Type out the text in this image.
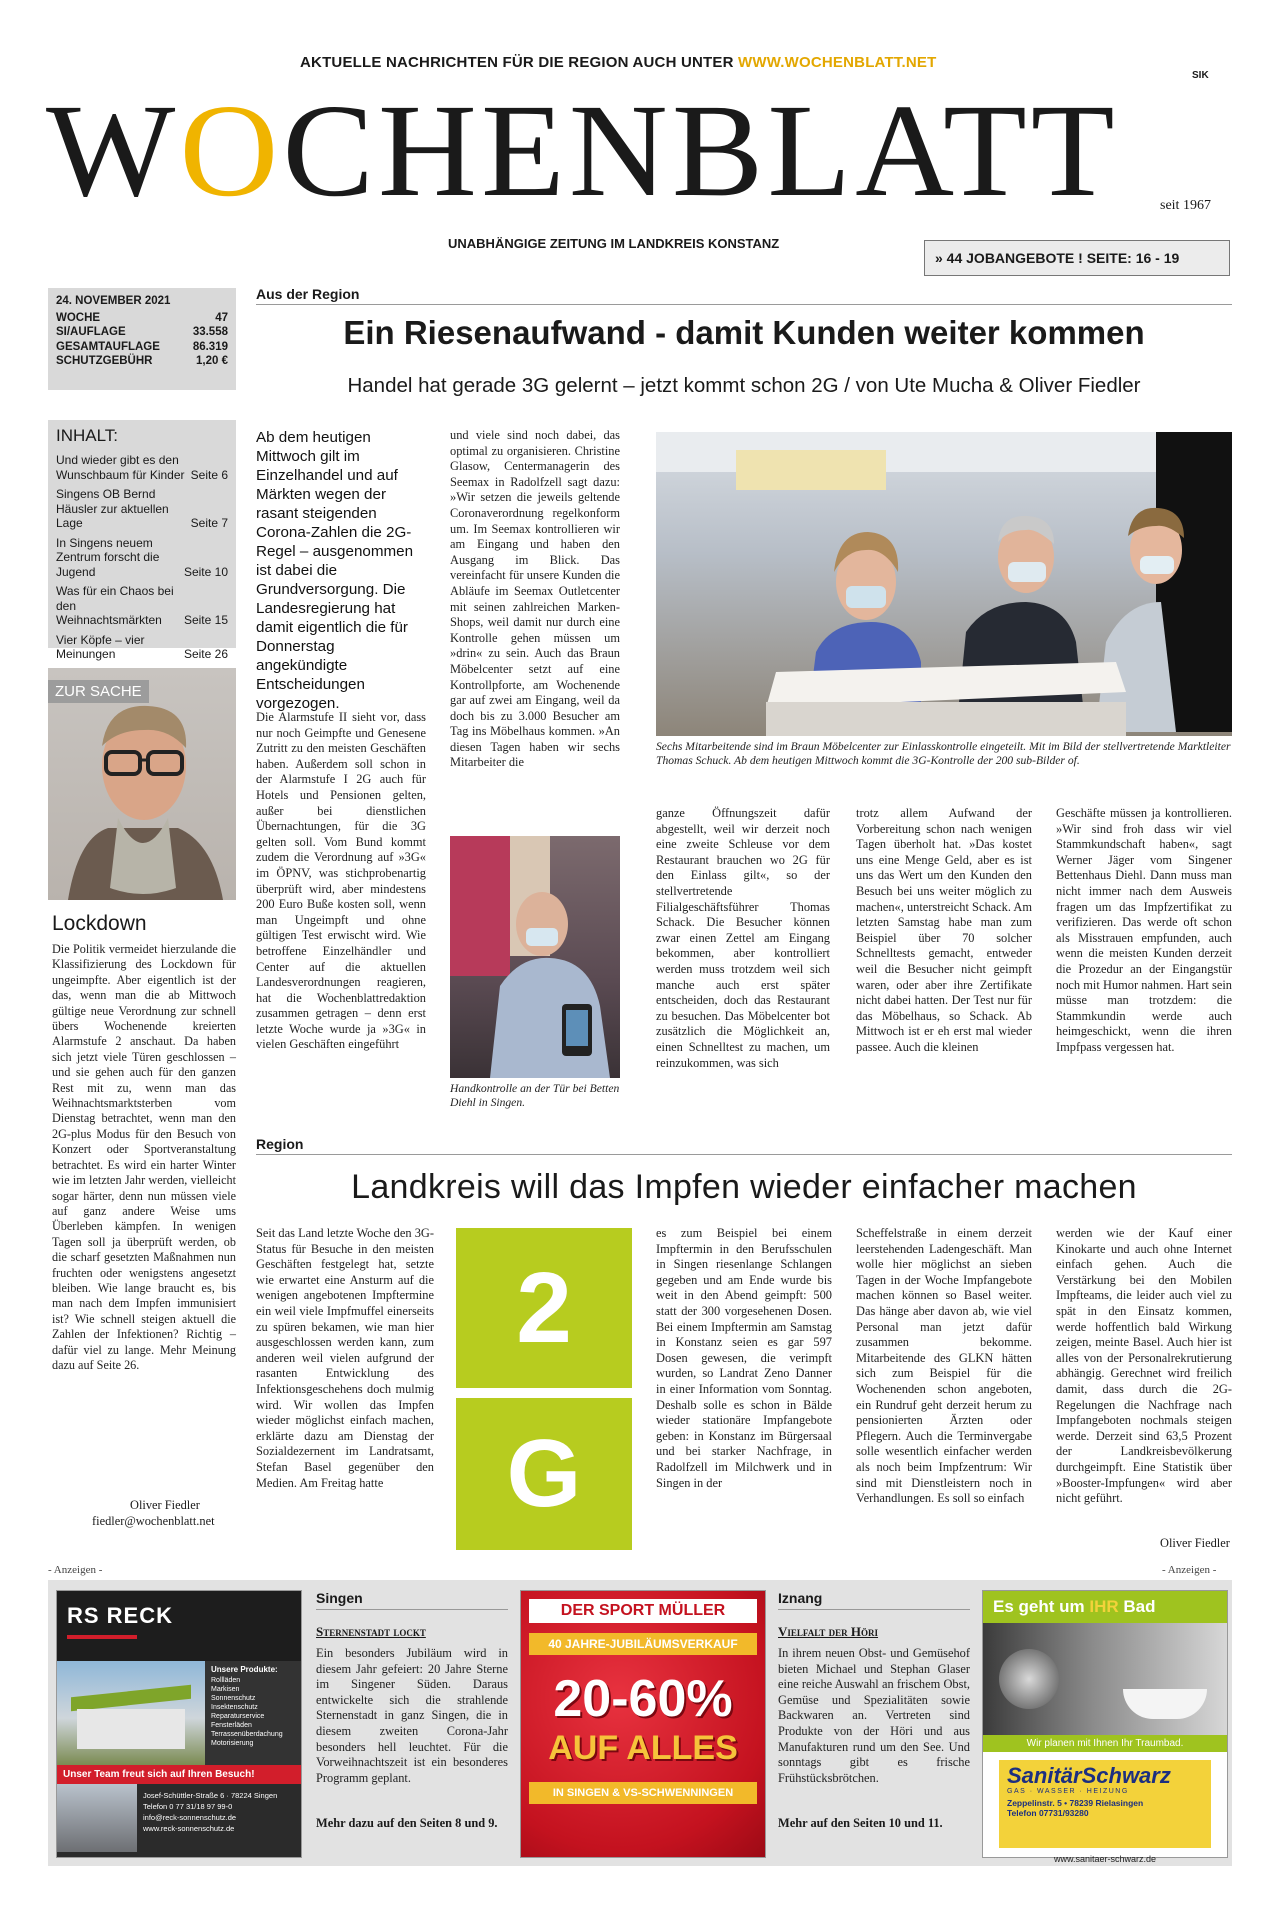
AKTUELLE NACHRICHTEN FÜR DIE REGION AUCH UNTER WWW.WOCHENBLATT.NET
SIK
WOCHENBLATT	seit 1967
UNABHÄNGIGE ZEITUNG IM LANDKREIS KONSTANZ
» 44 JOBANGEBOTE ! SEITE: 16 - 19
24. NOVEMBER 2021
WOCHE	47
SI/AUFLAGE	33.558
GESAMTAUFLAGE	86.319
SCHUTZGEBÜHR	1,20 €
INHALT:
Und wieder gibt es den Wunschbaum für Kinder Seite 6
Singens OB Bernd Häusler zur aktuellen Lage	Seite 7
In Singens neuem Zentrum forscht die Jugend	Seite 10
Was für ein Chaos bei den Weihnachtsmärkten	Seite 15
Vier Köpfe – vier Meinungen	Seite 26
ZUR SACHE
Lockdown
Die Politik vermeidet hierzulande die Klassifizierung des Lockdown für ungeimpfte. Aber eigentlich ist der das, wenn man die ab Mittwoch gültige neue Verordnung zur schnell übers Wochenende kreierten Alarmstufe 2 anschaut. Da haben sich jetzt viele Türen geschlossen – und sie gehen auch für den ganzen Rest mit zu, wenn man das Weihnachtsmarktsterben vom Dienstag betrachtet, wenn man den 2G-plus Modus für den Besuch von Konzert oder Sportveranstaltung betrachtet. Es wird ein harter Winter wie im letzten Jahr werden, vielleicht sogar härter, denn nun müssen viele auf ganz andere Weise ums Überleben kämpfen. In wenigen Tagen soll ja überprüft werden, ob die scharf gesetzten Maßnahmen nun fruchten oder wenigstens angesetzt bleiben. Wie lange braucht es, bis man nach dem Impfen immunisiert ist? Wie schnell steigen aktuell die Zahlen der Infektionen? Richtig – dafür viel zu lange. Mehr Meinung dazu auf Seite 26.
Oliver Fiedler
fiedler@wochenblatt.net
Aus der Region
Ein Riesenaufwand - damit Kunden weiter kommen
Handel hat gerade 3G gelernt – jetzt kommt schon 2G / von Ute Mucha & Oliver Fiedler
Ab dem heutigen Mittwoch gilt im Einzelhandel und auf Märkten wegen der rasant steigenden Corona-Zahlen die 2G-Regel – ausgenommen ist dabei die Grundversorgung. Die Landesregierung hat damit eigentlich die für Donnerstag angekündigte Entscheidungen vorgezogen.
Die Alarmstufe II sieht vor, dass nur noch Geimpfte und Genesene Zutritt zu den meisten Geschäften haben. Außerdem soll schon in der Alarmstufe I 2G auch für Hotels und Pensionen gelten, außer bei dienstlichen Übernachtungen, für die 3G gelten soll. Vom Bund kommt zudem die Verordnung auf »3G« im ÖPNV, was stichprobenartig überprüft wird, aber mindestens 200 Euro Buße kosten soll, wenn man Ungeimpft und ohne gültigen Test erwischt wird. Wie betroffene Einzelhändler und Center auf die aktuellen Landesverordnungen reagieren, hat die Wochenblattredaktion zusammen getragen – denn erst letzte Woche wurde ja »3G« in vielen Geschäften eingeführt
und viele sind noch dabei, das optimal zu organisieren. Christine Glasow, Centermanagerin des Seemax in Radolfzell sagt dazu: »Wir setzen die jeweils geltende Coronaverordnung regelkonform um. Im Seemax kontrollieren wir am Eingang und haben den Ausgang im Blick. Das vereinfacht für unsere Kunden die Abläufe im Seemax Outletcenter mit seinen zahlreichen Marken-Shops, weil damit nur durch eine Kontrolle gehen müssen um »drin« zu sein. Auch das Braun Möbelcenter setzt auf eine Kontrollpforte, am Wochenende gar auf zwei am Eingang, weil da doch bis zu 3.000 Besucher am Tag ins Möbelhaus kommen. »An diesen Tagen haben wir sechs Mitarbeiter die
Sechs Mitarbeitende sind im Braun Möbelcenter zur Einlasskontrolle eingeteilt. Mit im Bild der stellvertretende Marktleiter Thomas Schuck. Ab dem heutigen Mittwoch kommt die 3G-Kontrolle der 200 sub-Bilder of.
Handkontrolle an der Tür bei Betten Diehl in Singen.
ganze Öffnungszeit dafür abgestellt, weil wir derzeit noch eine zweite Schleuse vor dem Restaurant brauchen wo 2G für den Einlass gilt«, so der stellvertretende Filialgeschäftsführer Thomas Schack. Die Besucher können zwar einen Zettel am Eingang bekommen, aber kontrolliert werden muss trotzdem weil sich manche auch erst später entscheiden, doch das Restaurant zu besuchen. Das Möbelcenter bot zusätzlich die Möglichkeit an, einen Schnelltest zu machen, um reinzukommen, was sich
trotz allem Aufwand der Vorbereitung schon nach wenigen Tagen überholt hat. »Das kostet uns eine Menge Geld, aber es ist uns das Wert um den Kunden den Besuch bei uns weiter möglich zu machen«, unterstreicht Schack. Am letzten Samstag habe man zum Beispiel über 70 solcher Schnelltests gemacht, entweder weil die Besucher nicht geimpft waren, oder aber ihre Zertifikate nicht dabei hatten. Der Test nur für das Möbelhaus, so Schack. Ab Mittwoch ist er eh erst mal wieder passee. Auch die kleinen
Geschäfte müssen ja kontrollieren. »Wir sind froh dass wir viel Stammkundschaft haben«, sagt Werner Jäger vom Singener Bettenhaus Diehl. Dann muss man nicht immer nach dem Ausweis fragen um das Impfzertifikat zu verifizieren. Das werde oft schon als Misstrauen empfunden, auch wenn die meisten Kunden derzeit die Prozedur an der Eingangstür noch mit Humor nahmen. Hart sein müsse man trotzdem: die Stammkundin werde auch heimgeschickt, wenn die ihren Impfpass vergessen hat.
Region
Landkreis will das Impfen wieder einfacher machen
Seit das Land letzte Woche den 3G-Status für Besuche in den meisten Geschäften festgelegt hat, setzte wie erwartet eine Ansturm auf die wenigen angebotenen Impftermine ein weil viele Impfmuffel einerseits zu spüren bekamen, wie man hier ausgeschlossen werden kann, zum anderen weil vielen aufgrund der rasanten Entwicklung des Infektionsgeschehens doch mulmig wird. Wir wollen das Impfen wieder möglichst einfach machen, erklärte dazu am Dienstag der Sozialdezernent im Landratsamt, Stefan Basel gegenüber den Medien. Am Freitag hatte
2
G
es zum Beispiel bei einem Impftermin in den Berufsschulen in Singen riesenlange Schlangen gegeben und am Ende wurde bis weit in den Abend geimpft: 500 statt der 300 vorgesehenen Dosen. Bei einem Impftermin am Samstag in Konstanz seien es gar 597 Dosen gewesen, die verimpft wurden, so Landrat Zeno Danner in einer Information vom Sonntag. Deshalb solle es schon in Bälde wieder stationäre Impfangebote geben: in Konstanz im Bürgersaal und bei starker Nachfrage, in Radolfzell im Milchwerk und in Singen in der
Scheffelstraße in einem derzeit leerstehenden Ladengeschäft. Man wolle hier möglichst an sieben Tagen in der Woche Impfangebote machen können so Basel weiter. Das hänge aber davon ab, wie viel Personal man jetzt dafür zusammen bekomme. Mitarbeitende des GLKN hätten sich zum Beispiel für die Wochenenden schon angeboten, ein Rundruf geht derzeit herum zu pensionierten Ärzten oder Pflegern. Auch die Terminvergabe solle wesentlich einfacher werden als noch beim Impfzentrum: Wir sind mit Dienstleistern noch in Verhandlungen. Es soll so einfach
werden wie der Kauf einer Kinokarte und auch ohne Internet einfach gehen. Auch die Verstärkung bei den Mobilen Impfteams, die leider auch viel zu spät in den Einsatz kommen, werde hoffentlich bald Wirkung zeigen, meinte Basel. Auch hier ist alles von der Personalrekrutierung abhängig. Gerechnet wird freilich damit, dass durch die 2G-Regelungen die Nachfrage nach Impfangeboten nochmals steigen werde. Derzeit sind 63,5 Prozent der Landkreisbevölkerung durchgeimpft. Eine Statistik über »Booster-Impfungen« wird aber nicht geführt.
Oliver Fiedler
- Anzeigen -	- Anzeigen -
RS RECK
Unsere Produkte:
Rollläden
Markisen
Sonnenschutz
Insektenschutz
Reparaturservice
Fensterläden
Terrassenüberdachung
Motorisierung
Unser Team freut sich auf Ihren Besuch!
Josef-Schüttler-Straße 6 · 78224 Singen
Telefon 0 77 31/18 97 99-0
info@reck-sonnenschutz.de
www.reck-sonnenschutz.de
Singen
Sternenstadt lockt
Ein besonders Jubiläum wird in diesem Jahr gefeiert: 20 Jahre Sterne im Singener Süden. Daraus entwickelte sich die strahlende Sternenstadt in ganz Singen, die in diesem zweiten Corona-Jahr besonders hell leuchtet. Für die Vorweihnachtszeit ist ein besonderes Programm geplant.
Mehr dazu auf den Seiten 8 und 9.
DER SPORT MÜLLER
40 JAHRE-JUBILÄUMSVERKAUF
20-60%
AUF ALLES
IN SINGEN & VS-SCHWENNINGEN
Iznang
Vielfalt der Höri
In ihrem neuen Obst- und Gemüsehof bieten Michael und Stephan Glaser eine reiche Auswahl an frischem Obst, Gemüse und Spezialitäten sowie Backwaren an. Vertreten sind Produkte von der Höri und aus Manufakturen rund um den See. Und sonntags gibt es frische Frühstücksbrötchen.
Mehr auf den Seiten 10 und 11.
Es geht um IHR Bad
Wir planen mit Ihnen Ihr Traumbad.
SanitärSchwarz
GAS · WASSER · HEIZUNG
Zeppelinstr. 5 • 78239 Rielasingen
Telefon 07731/93280
www.sanitaer-schwarz.de
